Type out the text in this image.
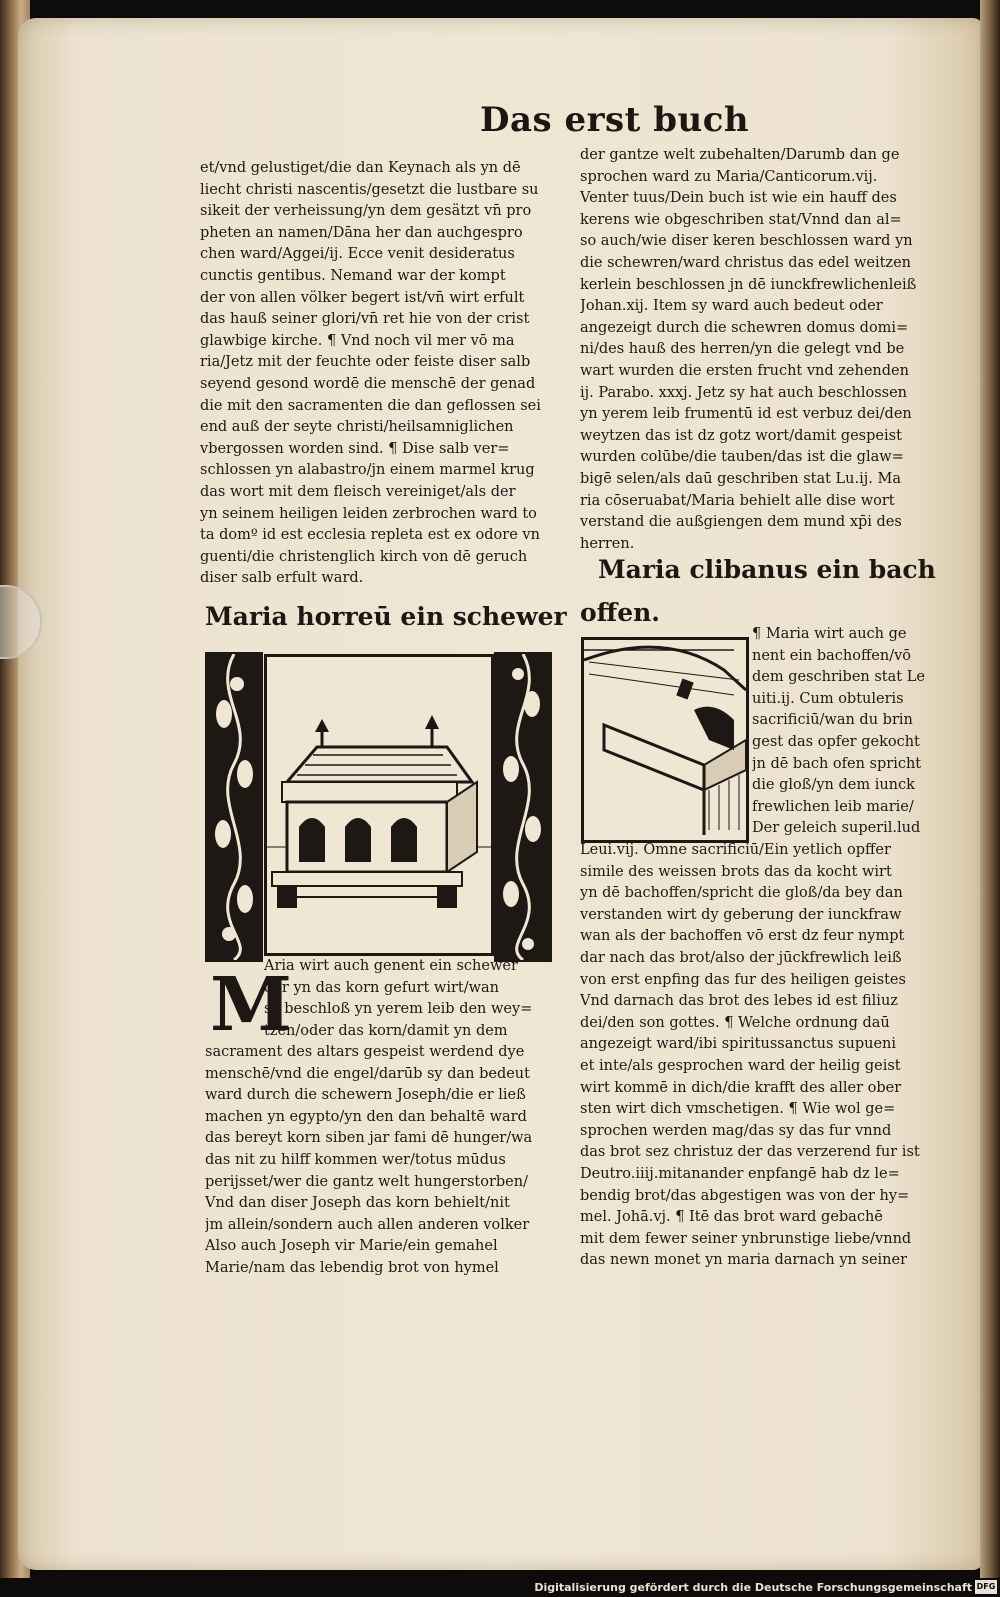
Das erst buch
et/vnd gelustiget/die dan Keynach als yn dē
liecht christi nascentis/gesetzt die lustbare su
sikeit der verheissung/yn dem gesätzt vn̄ pro
pheten an namen/Dāna her dan auchgespro
chen ward/Aggei/ij. Ecce venit desideratus
cunctis gentibus. Nemand war der kompt
der von allen völker begert ist/vn̄ wirt erfult
das hauß seiner glori/vn̄ ret hie von der crist
glawbige kirche. ¶ Vnd noch vil mer vō ma
ria/Jetz mit der feuchte oder feiste diser salb
seyend gesond wordē die menschē der genad
die mit den sacramenten die dan geflossen sei
end auß der seyte christi/heilsamniglichen
vbergossen worden sind. ¶ Dise salb ver=
schlossen yn alabastro/jn einem marmel krug
das wort mit dem fleisch vereiniget/als der
yn seinem heiligen leiden zerbrochen ward to
ta domº id est ecclesia repleta est ex odore vn
guenti/die christenglich kirch von dē geruch
diser salb erfult ward.
der gantze welt zubehalten/Darumb dan ge
sprochen ward zu Maria/Canticorum.vij.
Venter tuus/Dein buch ist wie ein hauff des
kerens wie obgeschriben stat/Vnnd dan al=
so auch/wie diser keren beschlossen ward yn
die schewren/ward christus das edel weitzen
kerlein beschlossen jn dē iunckfrewlichenleiß
Johan.xij. Item sy ward auch bedeut oder
angezeigt durch die schewren domus domi=
ni/des hauß des herren/yn die gelegt vnd be
wart wurden die ersten frucht vnd zehenden
ij. Parabo. xxxj. Jetz sy hat auch beschlossen
yn yerem leib frumentū id est verbuz dei/den
weytzen das ist dz gotz wort/damit gespeist
wurden colūbe/die tauben/das ist die glaw=
bigē selen/als daū geschriben stat Lu.ij. Ma
ria cōseruabat/Maria behielt alle dise wort
verstand die außgiengen dem mund xp̄i des
herren.
Maria horreū ein schewer
Maria clibanus ein bach
offen.
¶ Maria wirt auch ge
nent ein bachoffen/vō
dem geschriben stat Le
uiti.ij. Cum obtuleris
sacrificiū/wan du brin
gest das opfer gekocht
jn dē bach ofen spricht
die gloß/yn dem iunck
frewlichen leib marie/
Der geleich superil.lud
M
Aria wirt auch genent ein schewer
dar yn das korn gefurt wirt/wan
sy beschloß yn yerem leib den wey=
tzen/oder das korn/damit yn dem
sacrament des altars gespeist werdend dye
menschē/vnd die engel/darūb sy dan bedeut
ward durch die schewern Joseph/die er ließ
machen yn egypto/yn den dan behaltē ward
das bereyt korn siben jar fami dē hunger/wa
das nit zu hilff kommen wer/totus mūdus
perijsset/wer die gantz welt hungerstorben/
Vnd dan diser Joseph das korn behielt/nit
jm allein/sondern auch allen anderen volker
Also auch Joseph vir Marie/ein gemahel
Marie/nam das lebendig brot von hymel
Leui.vij. Omne sacrificiū/Ein yetlich opffer
simile des weissen brots das da kocht wirt
yn dē bachoffen/spricht die gloß/da bey dan
verstanden wirt dy geberung der iunckfraw
wan als der bachoffen vō erst dz feur nympt
dar nach das brot/also der jūckfrewlich leiß
von erst enpfing das fur des heiligen geistes
Vnd darnach das brot des lebes id est filiuz
dei/den son gottes. ¶ Welche ordnung daū
angezeigt ward/ibi spiritussanctus supueni
et inte/als gesprochen ward der heilig geist
wirt kommē in dich/die krafft des aller ober
sten wirt dich vmschetigen. ¶ Wie wol ge=
sprochen werden mag/das sy das fur vnnd
das brot sez christuz der das verzerend fur ist
Deutro.iiij.mitanander enpfangē hab dz le=
bendig brot/das abgestigen was von der hy=
mel. Johā.vj. ¶ Itē das brot ward gebachē
mit dem fewer seiner ynbrunstige liebe/vnnd
das newn monet yn maria darnach yn seiner
Digitalisierung gefördert durch die Deutsche Forschungsgemeinschaft DFG
